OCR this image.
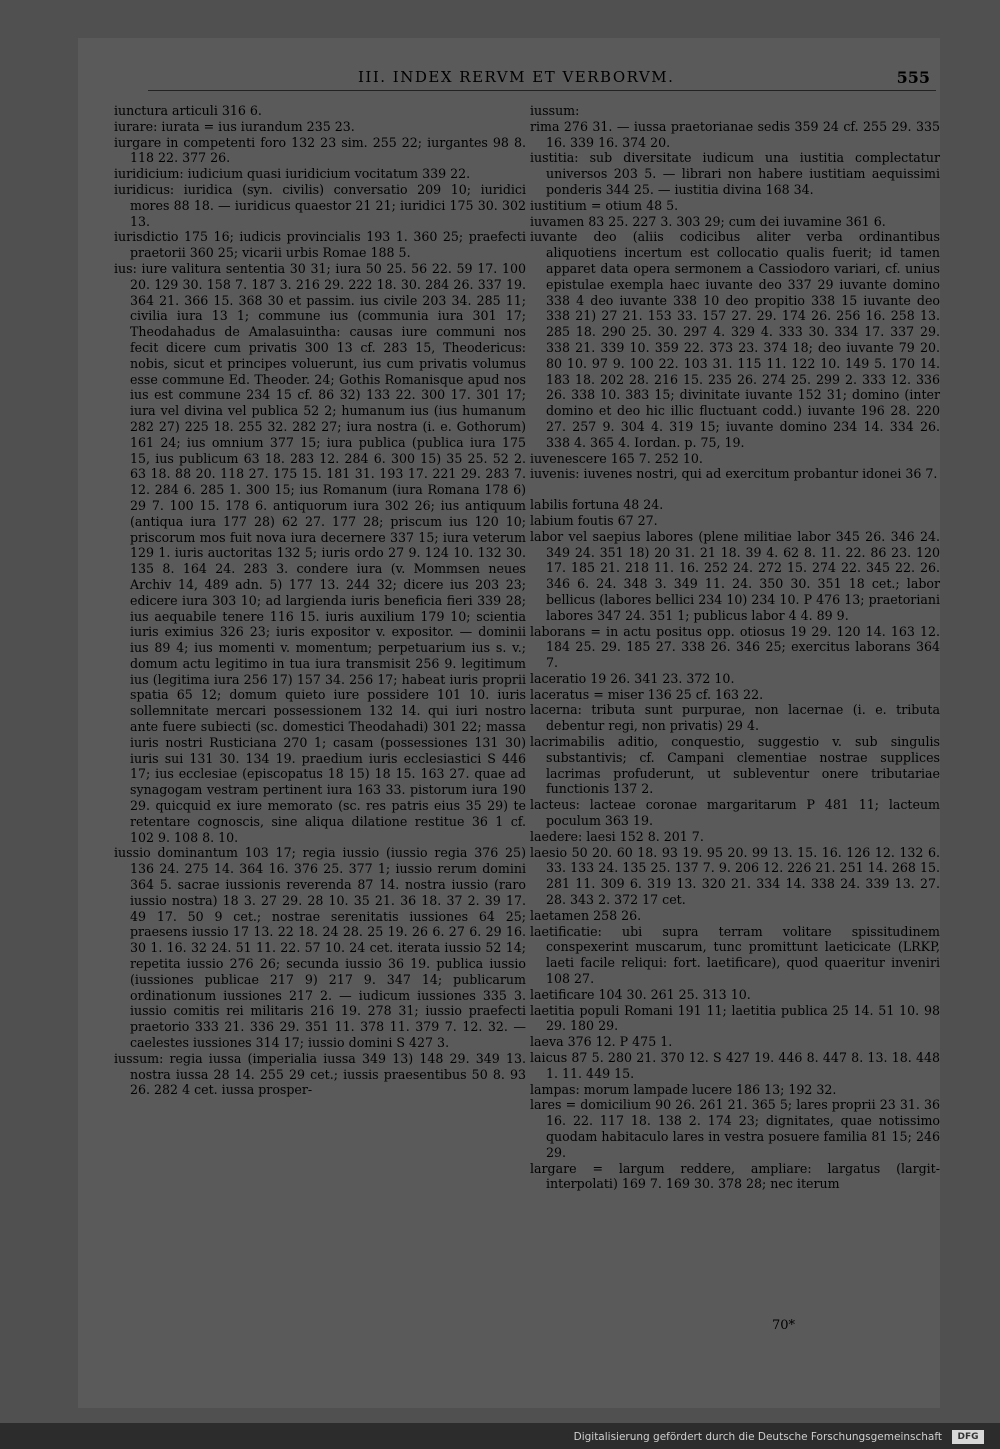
III. INDEX RERVM ET VERBORVM.	555

iunctura articuli 316 6.

iurare: iurata = ius iurandum 235 23.

iurgare in competenti foro 132 23 sim. 255 22; iurgantes 98 8. 118 22. 377 26.

iuridicium: iudicium quasi iuridicium vocitatum 339 22.

iuridicus: iuridica (syn. civilis) conversatio 209 10; iuridici mores 88 18. — iuridicus quaestor 21 21; iuridici 175 30. 302 13.

iurisdictio 175 16; iudicis provincialis 193 1. 360 25; praefecti praetorii 360 25; vicarii urbis Romae 188 5.

ius: iure valitura sententia 30 31; iura 50 25. 56 22. 59 17. 100 20. 129 30. 158 7. 187 3. 216 29. 222 18. 30. 284 26. 337 19. 364 21. 366 15. 368 30 et passim. ius civile 203 34. 285 11; civilia iura 13 1; commune ius (communia iura 301 17; Theodahadus de Amalasuintha: causas iure communi nos fecit dicere cum privatis 300 13 cf. 283 15, Theodericus: nobis, sicut et principes voluerunt, ius cum privatis volumus esse commune Ed. Theoder. 24; Gothis Romanisque apud nos ius est commune 234 15 cf. 86 32) 133 22. 300 17. 301 17; iura vel divina vel publica 52 2; humanum ius (ius humanum 282 27) 225 18. 255 32. 282 27; iura nostra (i. e. Gothorum) 161 24; ius omnium 377 15; iura publica (publica iura 175 15, ius publicum 63 18. 283 12. 284 6. 300 15) 35 25. 52 2. 63 18. 88 20. 118 27. 175 15. 181 31. 193 17. 221 29. 283 7. 12. 284 6. 285 1. 300 15; ius Romanum (iura Romana 178 6) 29 7. 100 15. 178 6. antiquorum iura 302 26; ius antiquum (antiqua iura 177 28) 62 27. 177 28; priscum ius 120 10; priscorum mos fuit nova iura decernere 337 15; iura veterum 129 1. iuris auctoritas 132 5; iuris ordo 27 9. 124 10. 132 30. 135 8. 164 24. 283 3. condere iura (v. Mommsen neues Archiv 14, 489 adn. 5) 177 13. 244 32; dicere ius 203 23; edicere iura 303 10; ad largienda iuris beneficia fieri 339 28; ius aequabile tenere 116 15. iuris auxilium 179 10; scientia iuris eximius 326 23; iuris expositor v. expositor. — dominii ius 89 4; ius momenti v. momentum; perpetuarium ius s. v.; domum actu legitimo in tua iura transmisit 256 9. legitimum ius (legitima iura 256 17) 157 34. 256 17; habeat iuris proprii spatia 65 12; domum quieto iure possidere 101 10. iuris sollemnitate mercari possessionem 132 14. qui iuri nostro ante fuere subiecti (sc. domestici Theodahadi) 301 22; massa iuris nostri Rusticiana 270 1; casam (possessiones 131 30) iuris sui 131 30. 134 19. praedium iuris ecclesiastici S 446 17; ius ecclesiae (episcopatus 18 15) 18 15. 163 27. quae ad synagogam vestram pertinent iura 163 33. pistorum iura 190 29. quicquid ex iure memorato (sc. res patris eius 35 29) te retentare cognoscis, sine aliqua dilatione restitue 36 1 cf. 102 9. 108 8. 10.

iussio dominantum 103 17; regia iussio (iussio regia 376 25) 136 24. 275 14. 364 16. 376 25. 377 1; iussio rerum domini 364 5. sacrae iussionis reverenda 87 14. nostra iussio (raro iussio nostra) 18 3. 27 29. 28 10. 35 21. 36 18. 37 2. 39 17. 49 17. 50 9 cet.; nostrae serenitatis iussiones 64 25; praesens iussio 17 13. 22 18. 24 28. 25 19. 26 6. 27 6. 29 16. 30 1. 16. 32 24. 51 11. 22. 57 10. 24 cet. iterata iussio 52 14; repetita iussio 276 26; secunda iussio 36 19. publica iussio (iussiones publicae 217 9) 217 9. 347 14; publicarum ordinationum iussiones 217 2. — iudicum iussiones 335 3. iussio comitis rei militaris 216 19. 278 31; iussio praefecti praetorio 333 21. 336 29. 351 11. 378 11. 379 7. 12. 32. — caelestes iussiones 314 17; iussio domini S 427 3.

iussum: regia iussa (imperialia iussa 349 13) 148 29. 349 13. nostra iussa 28 14. 255 29 cet.; iussis praesentibus 50 8. 93 26. 282 4 cet. iussa prosper-

iussum:

rima 276 31. — iussa praetorianae sedis 359 24 cf. 255 29. 335 16. 339 16. 374 20.

iustitia: sub diversitate iudicum una iustitia complectatur universos 203 5. — librari non habere iustitiam aequissimi ponderis 344 25. — iustitia divina 168 34.

iustitium = otium 48 5.

iuvamen 83 25. 227 3. 303 29; cum dei iuvamine 361 6.

iuvante deo (aliis codicibus aliter verba ordinantibus aliquotiens incertum est collocatio qualis fuerit; id tamen apparet data opera sermonem a Cassiodoro variari, cf. unius epistulae exempla haec iuvante deo 337 29 iuvante domino 338 4 deo iuvante 338 10 deo propitio 338 15 iuvante deo 338 21) 27 21. 153 33. 157 27. 29. 174 26. 256 16. 258 13. 285 18. 290 25. 30. 297 4. 329 4. 333 30. 334 17. 337 29. 338 21. 339 10. 359 22. 373 23. 374 18; deo iuvante 79 20. 80 10. 97 9. 100 22. 103 31. 115 11. 122 10. 149 5. 170 14. 183 18. 202 28. 216 15. 235 26. 274 25. 299 2. 333 12. 336 26. 338 10. 383 15; divinitate iuvante 152 31; domino (inter domino et deo hic illic fluctuant codd.) iuvante 196 28. 220 27. 257 9. 304 4. 319 15; iuvante domino 234 14. 334 26. 338 4. 365 4. Iordan. p. 75, 19.

iuvenescere 165 7. 252 10.

iuvenis: iuvenes nostri, qui ad exercitum probantur idonei 36 7.

labilis fortuna 48 24.

labium foutis 67 27.

labor vel saepius labores (plene militiae labor 345 26. 346 24. 349 24. 351 18) 20 31. 21 18. 39 4. 62 8. 11. 22. 86 23. 120 17. 185 21. 218 11. 16. 252 24. 272 15. 274 22. 345 22. 26. 346 6. 24. 348 3. 349 11. 24. 350 30. 351 18 cet.; labor bellicus (labores bellici 234 10) 234 10. P 476 13; praetoriani labores 347 24. 351 1; publicus labor 4 4. 89 9.

laborans = in actu positus opp. otiosus 19 29. 120 14. 163 12. 184 25. 29. 185 27. 338 26. 346 25; exercitus laborans 364 7.

laceratio 19 26. 341 23. 372 10.

laceratus = miser 136 25 cf. 163 22.

lacerna: tributa sunt purpurae, non lacernae (i. e. tributa debentur regi, non privatis) 29 4.

lacrimabilis aditio, conquestio, suggestio v. sub singulis substantivis; cf. Campani clementiae nostrae supplices lacrimas profuderunt, ut subleventur onere tributariae functionis 137 2.

lacteus: lacteae coronae margaritarum P 481 11; lacteum poculum 363 19.

laedere: laesi 152 8. 201 7.

laesio 50 20. 60 18. 93 19. 95 20. 99 13. 15. 16. 126 12. 132 6. 33. 133 24. 135 25. 137 7. 9. 206 12. 226 21. 251 14. 268 15. 281 11. 309 6. 319 13. 320 21. 334 14. 338 24. 339 13. 27. 28. 343 2. 372 17 cet.

laetamen 258 26.

laetificatie: ubi supra terram volitare spissitudinem conspexerint muscarum, tunc promittunt laeticicate (LRKP, laeti facile reliqui: fort. laetificare), quod quaeritur inveniri 108 27.

laetificare 104 30. 261 25. 313 10.

laetitia populi Romani 191 11; laetitia publica 25 14. 51 10. 98 29. 180 29.

laeva 376 12. P 475 1.

laicus 87 5. 280 21. 370 12. S 427 19. 446 8. 447 8. 13. 18. 448 1. 11. 449 15.

lampas: morum lampade lucere 186 13; 192 32.

lares = domicilium 90 26. 261 21. 365 5; lares proprii 23 31. 36 16. 22. 117 18. 138 2. 174 23; dignitates, quae notissimo quodam habitaculo lares in vestra posuere familia 81 15; 246 29.

largare = largum reddere, ampliare: largatus (largit- interpolati) 169 7. 169 30. 378 28; nec iterum

70*
Digitalisierung gefördert durch die Deutsche Forschungsgemeinschaft	DFG
